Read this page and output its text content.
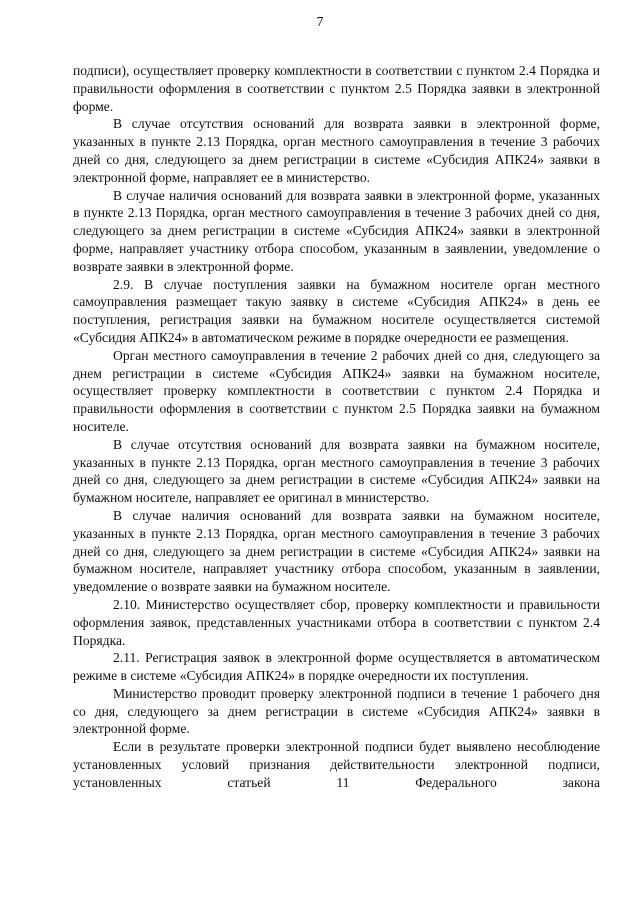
7

подписи), осуществляет проверку комплектности в соответствии с пунктом 2.4 Порядка и правильности оформления в соответствии с пунктом 2.5 Порядка заявки в электронной форме.

В случае отсутствия оснований для возврата заявки в электронной форме, указанных в пункте 2.13 Порядка, орган местного самоуправления в течение 3 рабочих дней со дня, следующего за днем регистрации в системе «Субсидия АПК24» заявки в электронной форме, направляет ее в министерство.

В случае наличия оснований для возврата заявки в электронной форме, указанных в пункте 2.13 Порядка, орган местного самоуправления в течение 3 рабочих дней со дня, следующего за днем регистрации в системе «Субсидия АПК24» заявки в электронной форме, направляет участнику отбора способом, указанным в заявлении, уведомление о возврате заявки в электронной форме.

2.9. В случае поступления заявки на бумажном носителе орган местного самоуправления размещает такую заявку в системе «Субсидия АПК24» в день ее поступления, регистрация заявки на бумажном носителе осуществляется системой «Субсидия АПК24» в автоматическом режиме в порядке очередности ее размещения.

Орган местного самоуправления в течение 2 рабочих дней со дня, следующего за днем регистрации в системе «Субсидия АПК24» заявки на бумажном носителе, осуществляет проверку комплектности в соответствии с пунктом 2.4 Порядка и правильности оформления в соответствии с пунктом 2.5 Порядка заявки на бумажном носителе.

В случае отсутствия оснований для возврата заявки на бумажном носителе, указанных в пункте 2.13 Порядка, орган местного самоуправления в течение 3 рабочих дней со дня, следующего за днем регистрации в системе «Субсидия АПК24» заявки на бумажном носителе, направляет ее оригинал в министерство.

В случае наличия оснований для возврата заявки на бумажном носителе, указанных в пункте 2.13 Порядка, орган местного самоуправления в течение 3 рабочих дней со дня, следующего за днем регистрации в системе «Субсидия АПК24» заявки на бумажном носителе, направляет участнику отбора способом, указанным в заявлении, уведомление о возврате заявки на бумажном носителе.

2.10. Министерство осуществляет сбор, проверку комплектности и правильности оформления заявок, представленных участниками отбора в соответствии с пунктом 2.4 Порядка.

2.11. Регистрация заявок в электронной форме осуществляется в автоматическом режиме в системе «Субсидия АПК24» в порядке очередности их поступления.

Министерство проводит проверку электронной подписи в течение 1 рабочего дня со дня, следующего за днем регистрации в системе «Субсидия АПК24» заявки в электронной форме.

Если в результате проверки электронной подписи будет выявлено несоблюдение установленных условий признания действительности электронной подписи, установленных статьей 11 Федерального закона
